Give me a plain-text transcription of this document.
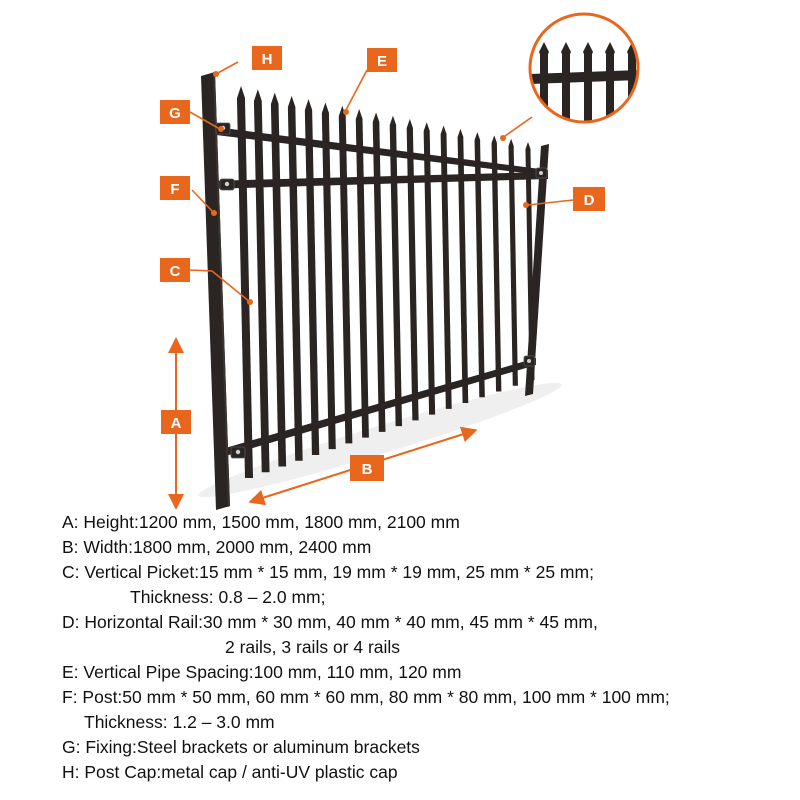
H	E
G
F
C
D
A
B
A: Height:1200 mm, 1500 mm, 1800 mm, 2100 mm
B: Width:1800 mm, 2000 mm, 2400 mm
C: Vertical Picket:15 mm * 15 mm, 19 mm * 19 mm, 25 mm * 25 mm;
Thickness: 0.8 – 2.0 mm;
D: Horizontal Rail:30 mm * 30 mm, 40 mm * 40 mm, 45 mm * 45 mm,
2 rails, 3 rails or 4 rails
E: Vertical Pipe Spacing:100 mm, 110 mm, 120 mm
F: Post:50 mm * 50 mm, 60 mm * 60 mm, 80 mm * 80 mm, 100 mm * 100 mm;
Thickness: 1.2 – 3.0 mm
G: Fixing:Steel brackets or aluminum brackets
H: Post Cap:metal cap / anti-UV plastic cap
